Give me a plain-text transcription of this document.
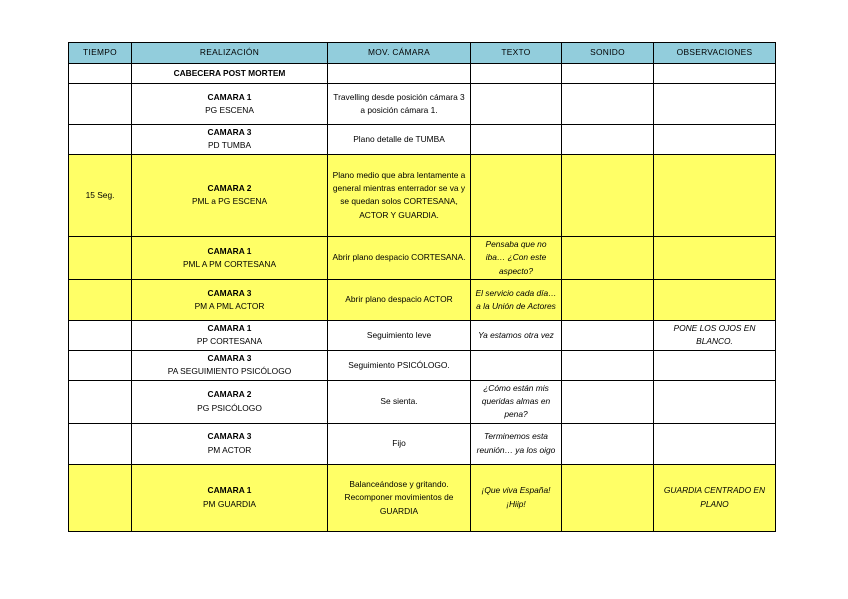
TIEMPO	REALIZACIÓN	MOV. CÁMARA	TEXTO	SONIDO	OBSERVACIONES

	CABECERA POST MORTEM				

	CAMARA 1
PG ESCENA	Travelling desde posición cámara 3 a posición cámara 1.			

	CAMARA 3
PD TUMBA	Plano detalle de TUMBA			
15 Seg.	CAMARA 2
PML a PG ESCENA	Plano medio que abra lentamente a general mientras enterrador se va y se quedan solos CORTESANA, ACTOR Y GUARDIA.			

	CAMARA 1
PML A PM CORTESANA	Abrir plano despacio CORTESANA.	Pensaba que no iba… ¿Con este aspecto?		

	CAMARA 3
PM A PML ACTOR	Abrir plano despacio ACTOR	El servicio cada día… a la Unión de Actores		

	CAMARA 1
PP CORTESANA	Seguimiento leve	Ya estamos otra vez		PONE LOS OJOS EN BLANCO.

	CAMARA 3
PA SEGUIMIENTO PSICÓLOGO	Seguimiento PSICÓLOGO.			

	CAMARA 2
PG PSICÓLOGO	Se sienta.	¿Cómo están mis queridas almas en pena?		

	CAMARA 3
PM ACTOR	Fijo	Terminemos esta reunión… ya los oigo		

	CAMARA 1
PM GUARDIA	Balanceándose y gritando. Recomponer movimientos de GUARDIA	¡Que viva España! ¡Hiip!		GUARDIA CENTRADO EN PLANO
